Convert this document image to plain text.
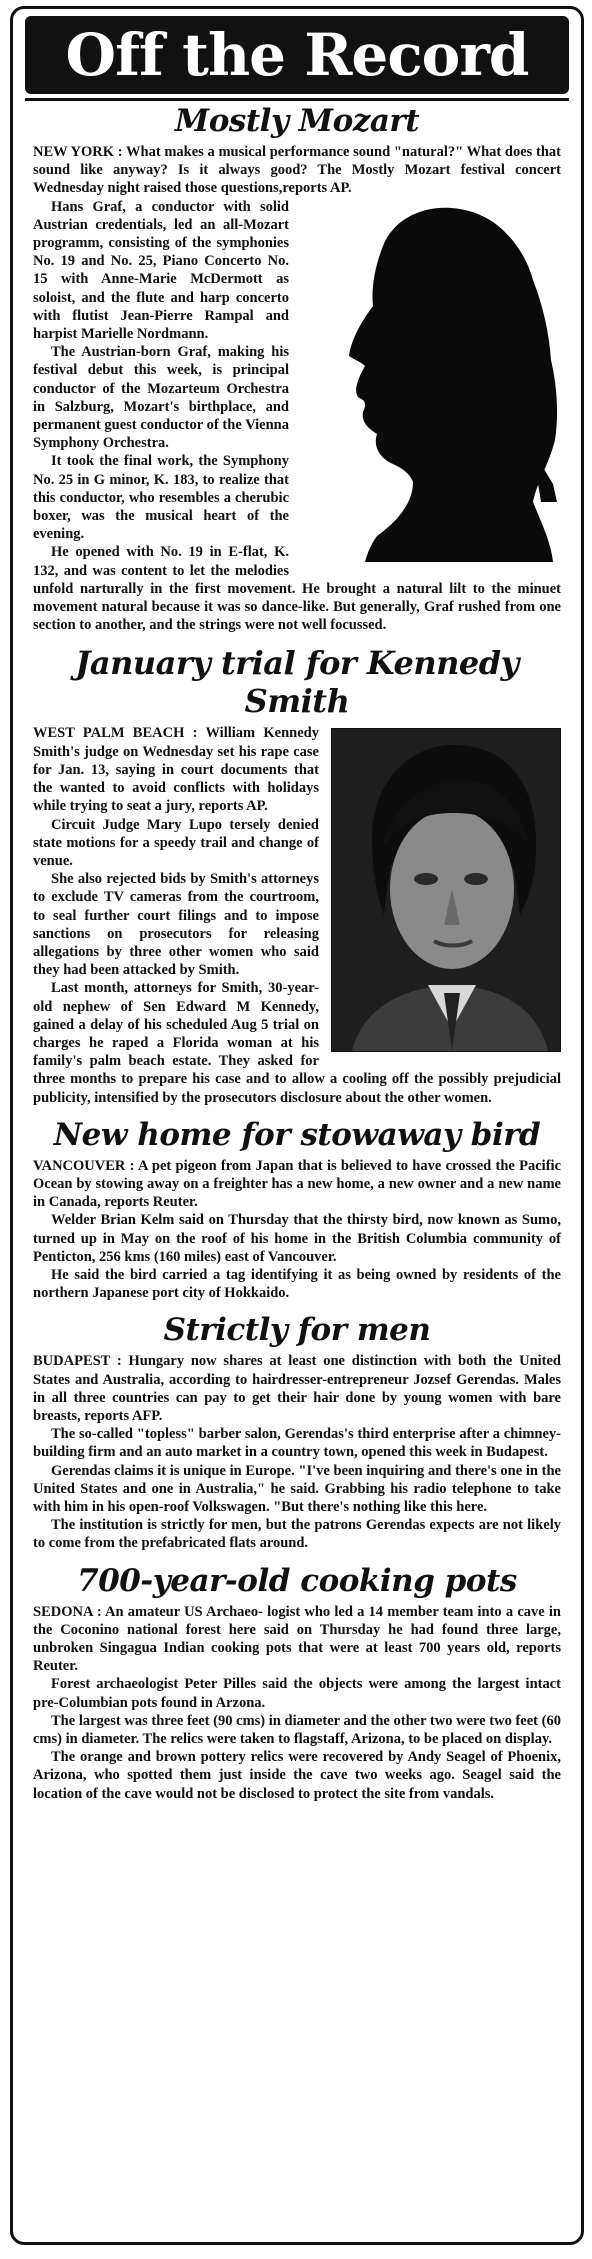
Off the Record
Mostly Mozart

NEW YORK : What makes a musical performance sound "natural?" What does that sound like anyway? Is it always good? The Mostly Mozart festival concert Wednesday night raised those questions,reports AP.

Hans Graf, a conductor with solid Austrian credentials, led an all-Mozart programm, consisting of the symphonies No. 19 and No. 25, Piano Concerto No. 15 with Anne-Marie McDermott as soloist, and the flute and harp concerto with flutist Jean-Pierre Rampal and harpist Marielle Nordmann.

The Austrian-born Graf, making his festival debut this week, is principal conductor of the Mozarteum Orchestra in Salzburg, Mozart's birthplace, and permanent guest conductor of the Vienna Symphony Orchestra.

It took the final work, the Symphony No. 25 in G minor, K. 183, to realize that this conductor, who resembles a cherubic boxer, was the musical heart of the evening.

He opened with No. 19 in E-flat, K. 132, and was content to let the melodies unfold narturally in the first movement. He brought a natural lilt to the minuet movement natural because it was so dance-like. But generally, Graf rushed from one section to another, and the strings were not well focussed.

January trial for Kennedy Smith

WEST PALM BEACH : William Kennedy Smith's judge on Wednesday set his rape case for Jan. 13, saying in court documents that the wanted to avoid conflicts with holidays while trying to seat a jury, reports AP.

Circuit Judge Mary Lupo tersely denied state motions for a speedy trail and change of venue.

She also rejected bids by Smith's attorneys to exclude TV cameras from the courtroom, to seal further court filings and to impose sanctions on prosecutors for releasing allegations by three other women who said they had been attacked by Smith.

Last month, attorneys for Smith, 30-year-old nephew of Sen Edward M Kennedy, gained a delay of his scheduled Aug 5 trial on charges he raped a Florida woman at his family's palm beach estate. They asked for three months to prepare his case and to allow a cooling off the possibly prejudicial publicity, intensified by the prosecutors disclosure about the other women.

New home for stowaway bird

VANCOUVER : A pet pigeon from Japan that is believed to have crossed the Pacific Ocean by stowing away on a freighter has a new home, a new owner and a new name in Canada, reports Reuter.

Welder Brian Kelm said on Thursday that the thirsty bird, now known as Sumo, turned up in May on the roof of his home in the British Columbia community of Penticton, 256 kms (160 miles) east of Vancouver.

He said the bird carried a tag identifying it as being owned by residents of the northern Japanese port city of Hokkaido.

Strictly for men

BUDAPEST : Hungary now shares at least one distinction with both the United States and Australia, according to hairdresser-entrepreneur Jozsef Gerendas. Males in all three countries can pay to get their hair done by young women with bare breasts, reports AFP.

The so-called "topless" barber salon, Gerendas's third enterprise after a chimney-building firm and an auto market in a country town, opened this week in Budapest.

Gerendas claims it is unique in Europe. "I've been inquiring and there's one in the United States and one in Australia," he said. Grabbing his radio telephone to take with him in his open-roof Volkswagen. "But there's nothing like this here.

The institution is strictly for men, but the patrons Gerendas expects are not likely to come from the prefabricated flats around.

700-year-old cooking pots

SEDONA : An amateur US Archaeo- logist who led a 14 member team into a cave in the Coconino national forest here said on Thursday he had found three large, unbroken Singagua Indian cooking pots that were at least 700 years old, reports Reuter.

Forest archaeologist Peter Pilles said the objects were among the largest intact pre-Columbian pots found in Arzona.

The largest was three feet (90 cms) in diameter and the other two were two feet (60 cms) in diameter. The relics were taken to flagstaff, Arizona, to be placed on display.

The orange and brown pottery relics were recovered by Andy Seagel of Phoenix, Arizona, who spotted them just inside the cave two weeks ago. Seagel said the location of the cave would not be disclosed to protect the site from vandals.
